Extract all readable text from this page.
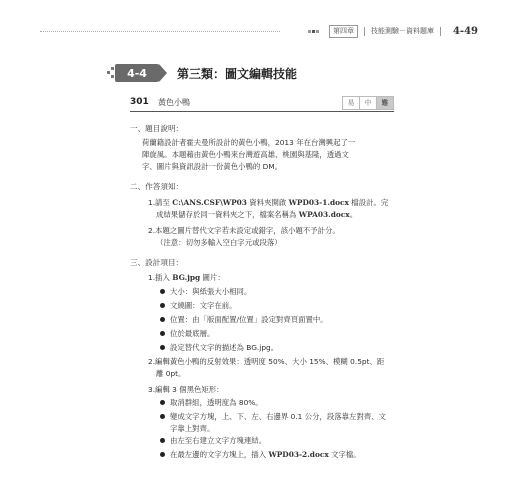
第四章	技能測驗－資料題庫 4-49
4-4	第三類：圖文編輯技能
301 黃色小鴨	易	中	難
一、題目說明：
荷蘭籍設計者霍夫曼所設計的黃色小鴨，2013 年在台灣興起了一
陣旋風。本題藉由黃色小鴨來台灣遊高雄、桃園與基隆，透過文
字、圖片與資訊設計一份黃色小鴨的 DM。
二、作答須知：
1.請至 C:\ANS.CSF\WP03 資料夾開啟 WPD03-1.docx 檔設計。完
成結果儲存於同一資料夾之下，檔案名稱為 WPA03.docx。
2.本題之圖片替代文字若未設定或錯字，該小題不予計分。
（注意：切勿多輸入空白字元或段落）
三、設計項目：
1.插入 BG.jpg 圖片：
大小：與紙張大小相同。
文繞圖：文字在前。
位置：由「版面配置/位置」設定對齊頁面置中。
位於最底層。
設定替代文字的描述為 BG.jpg。
2.編輯黃色小鴨的反射效果：透明度 50%、大小 15%、模糊 0.5pt、距
離 0pt。
3.編輯 3 個黑色矩形：
取消群組，透明度為 80%。
變成文字方塊，上、下、左、右邊界 0.1 公分，段落靠左對齊、文
字靠上對齊。
由左至右建立文字方塊連結。
在最左邊的文字方塊上，插入 WPD03-2.docx 文字檔。
